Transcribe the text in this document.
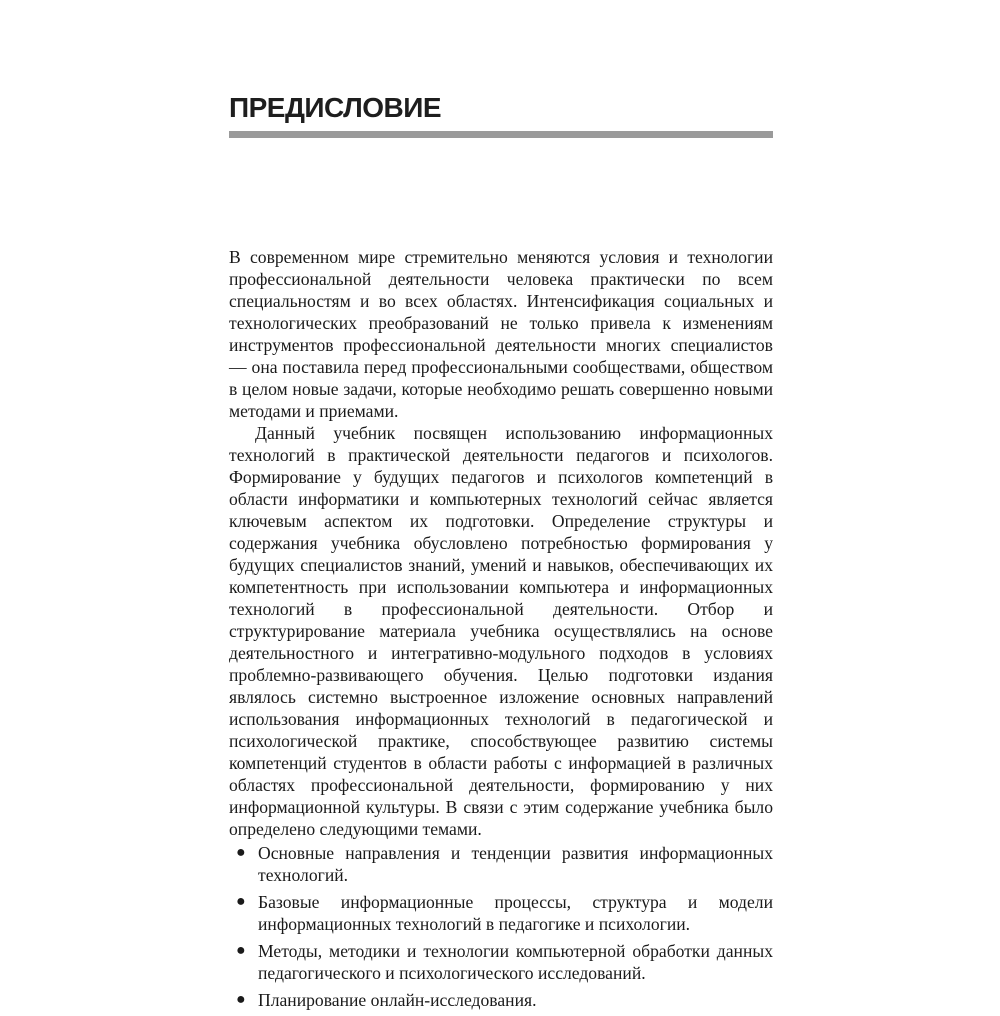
ПРЕДИСЛОВИЕ

В современном мире стремительно меняются условия и технологии профессиональной деятельности человека практически по всем специальностям и во всех областях. Интенсификация социальных и технологических преобразований не только привела к изменениям инструментов профессиональной деятельности многих специалистов — она поставила перед профессиональными сообществами, обществом в целом новые задачи, которые необходимо решать совершенно новыми методами и приемами.

Данный учебник посвящен использованию информационных технологий в практической деятельности педагогов и психологов. Формирование у будущих педагогов и психологов компетенций в области информатики и компьютерных технологий сейчас является ключевым аспектом их подготовки. Определение структуры и содержания учебника обусловлено потребностью формирования у будущих специалистов знаний, умений и навыков, обеспечивающих их компетентность при использовании компьютера и информационных технологий в профессиональной деятельности. Отбор и структурирование материала учебника осуществлялись на основе деятельностного и интегративно-модульного подходов в условиях проблемно-развивающего обучения. Целью подготовки издания являлось системно выстроенное изложение основных направлений использования информационных технологий в педагогической и психологической практике, способствующее развитию системы компетенций студентов в области работы с информацией в различных областях профессиональной деятельности, формированию у них информационной культуры. В связи с этим содержание учебника было определено следующими темами.

● Основные направления и тенденции развития информационных технологий.
● Базовые информационные процессы, структура и модели информационных технологий в педагогике и психологии.
● Методы, методики и технологии компьютерной обработки данных педагогического и психологического исследований.
● Планирование онлайн-исследования.
